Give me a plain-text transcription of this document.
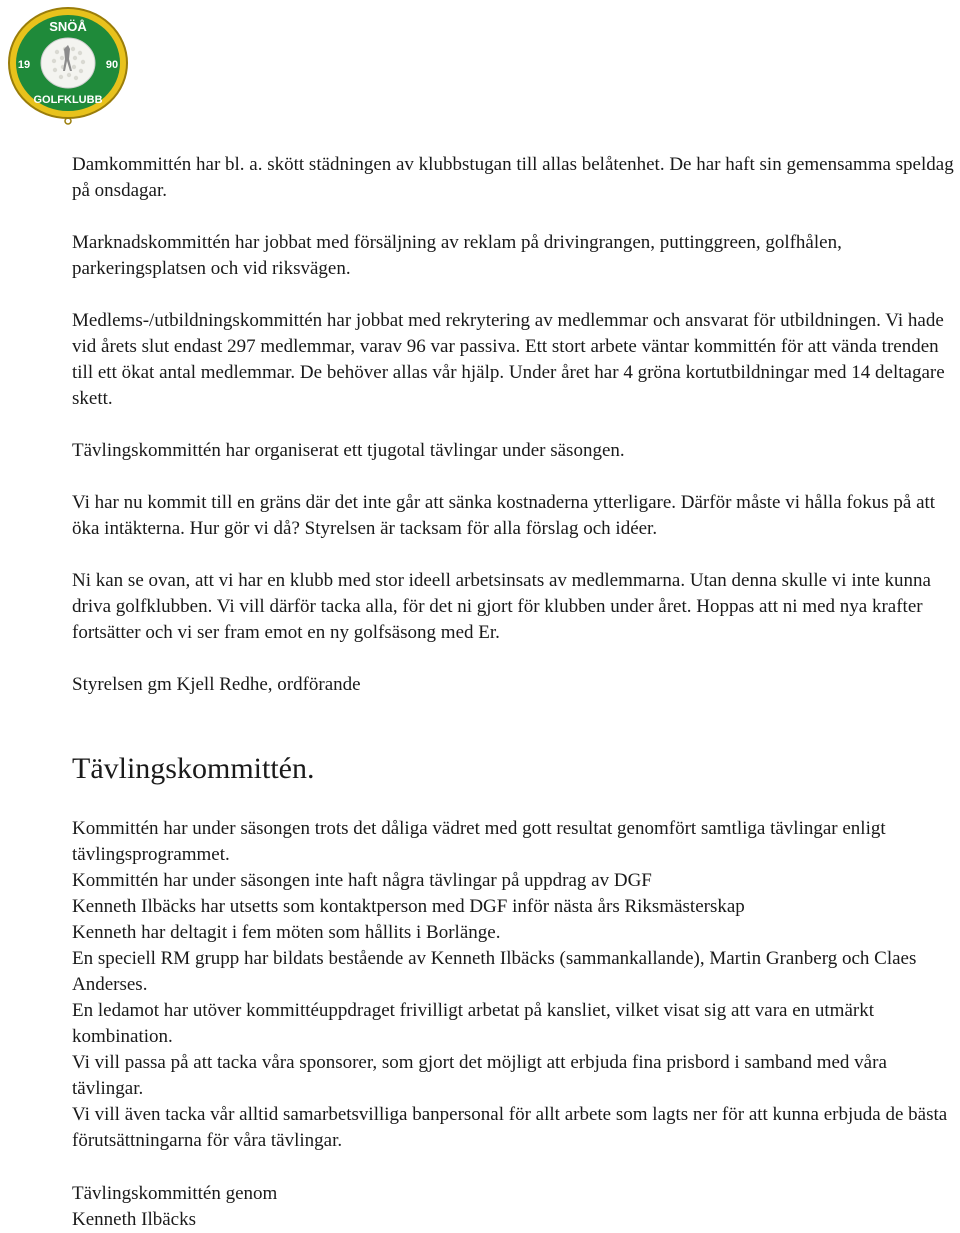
SNÖÅ
19	90
GOLFKLUBB

Damkommittén har bl. a. skött städningen av klubbstugan till allas belåtenhet. De har haft sin gemensamma speldag på onsdagar.

Marknadskommittén har jobbat med försäljning av reklam på drivingrangen, puttinggreen, golfhålen, parkeringsplatsen och vid riksvägen.

Medlems-/utbildningskommittén har jobbat med rekrytering av medlemmar och ansvarat för utbildningen. Vi hade vid årets slut endast 297 medlemmar, varav 96 var passiva. Ett stort arbete väntar kommittén för att vända trenden till ett ökat antal medlemmar. De behöver allas vår hjälp. Under året har 4 gröna kortutbildningar med 14 deltagare skett.

Tävlingskommittén har organiserat ett tjugotal tävlingar under säsongen.

Vi har nu kommit till en gräns där det inte går att sänka kostnaderna ytterligare. Därför måste vi hålla fokus på att öka intäkterna. Hur gör vi då? Styrelsen är tacksam för alla förslag och idéer.

Ni kan se ovan, att vi har en klubb med stor ideell arbetsinsats av medlemmarna. Utan denna skulle vi inte kunna driva golfklubben. Vi vill därför tacka alla, för det ni gjort för klubben under året. Hoppas att ni med nya krafter fortsätter och vi ser fram emot en ny golfsäsong med Er.

Styrelsen gm Kjell Redhe, ordförande

Tävlingskommittén.

Kommittén har under säsongen trots det dåliga vädret med gott resultat genomfört samtliga tävlingar enligt tävlingsprogrammet.

Kommittén har under säsongen inte haft några tävlingar på uppdrag av DGF

Kenneth Ilbäcks har utsetts som kontaktperson med DGF inför nästa års Riksmästerskap

Kenneth har deltagit i fem möten som hållits i Borlänge.

En speciell RM grupp har bildats bestående av Kenneth Ilbäcks (sammankallande), Martin Granberg och Claes Anderses.

En ledamot har utöver kommittéuppdraget frivilligt arbetat på kansliet, vilket visat sig att vara en utmärkt kombination.

Vi vill passa på att tacka våra sponsorer, som gjort det möjligt att erbjuda fina prisbord i samband med våra tävlingar.

Vi vill även tacka vår alltid samarbetsvilliga banpersonal för allt arbete som lagts ner för att kunna erbjuda de bästa förutsättningarna för våra tävlingar.

Tävlingskommittén genom

Kenneth Ilbäcks
